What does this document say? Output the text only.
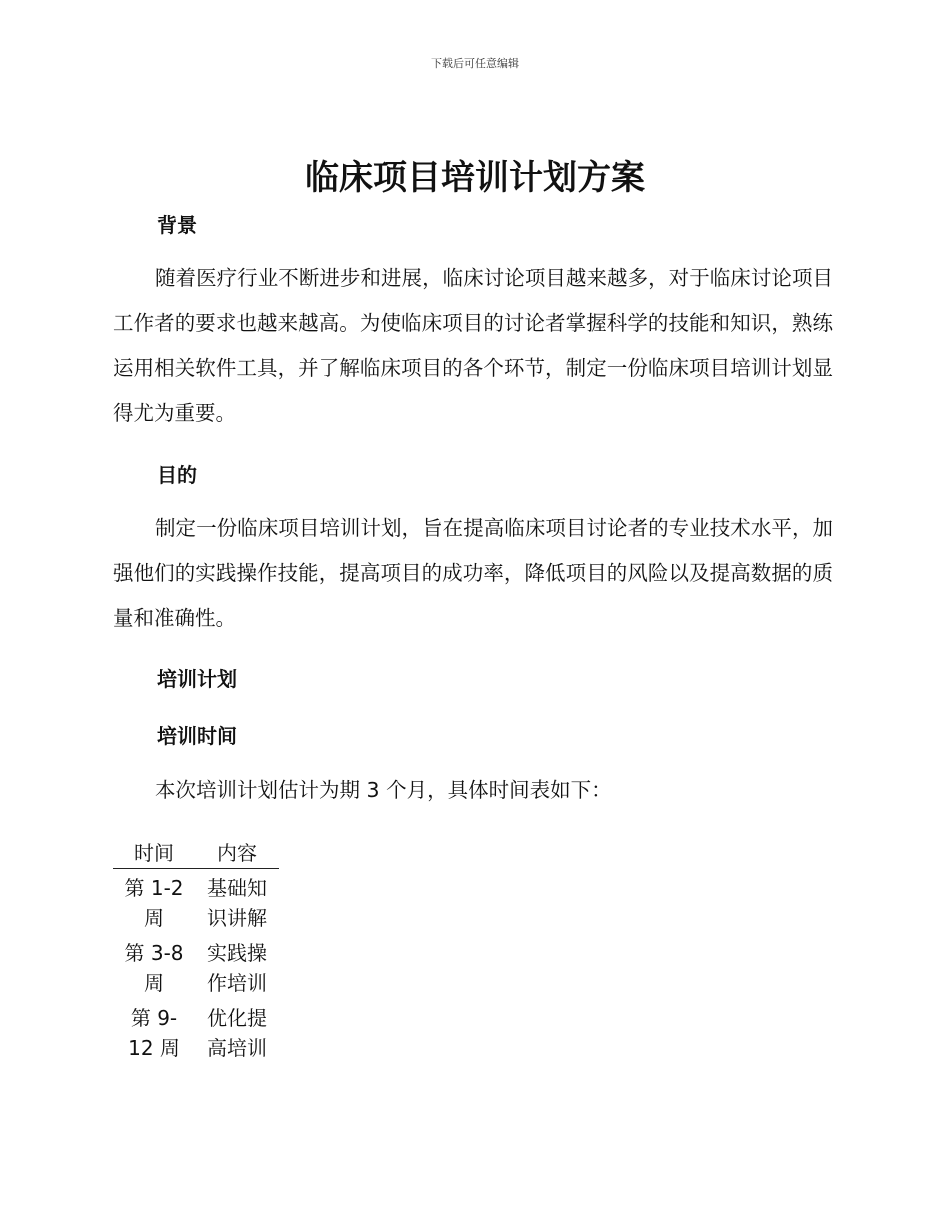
下载后可任意编辑
临床项目培训计划方案
背景

随着医疗行业不断进步和进展，临床讨论项目越来越多，对于临床讨论项目工作者的要求也越来越高。为使临床项目的讨论者掌握科学的技能和知识，熟练运用相关软件工具，并了解临床项目的各个环节，制定一份临床项目培训计划显得尤为重要。

目的

制定一份临床项目培训计划，旨在提高临床项目讨论者的专业技术水平，加强他们的实践操作技能，提高项目的成功率，降低项目的风险以及提高数据的质量和准确性。

培训计划
培训时间

本次培训计划估计为期 3 个月，具体时间表如下：

时间	内容
第 1-2 周	基础知识讲解
第 3-8 周	实践操作培训
第 9-12 周	优化提高培训
